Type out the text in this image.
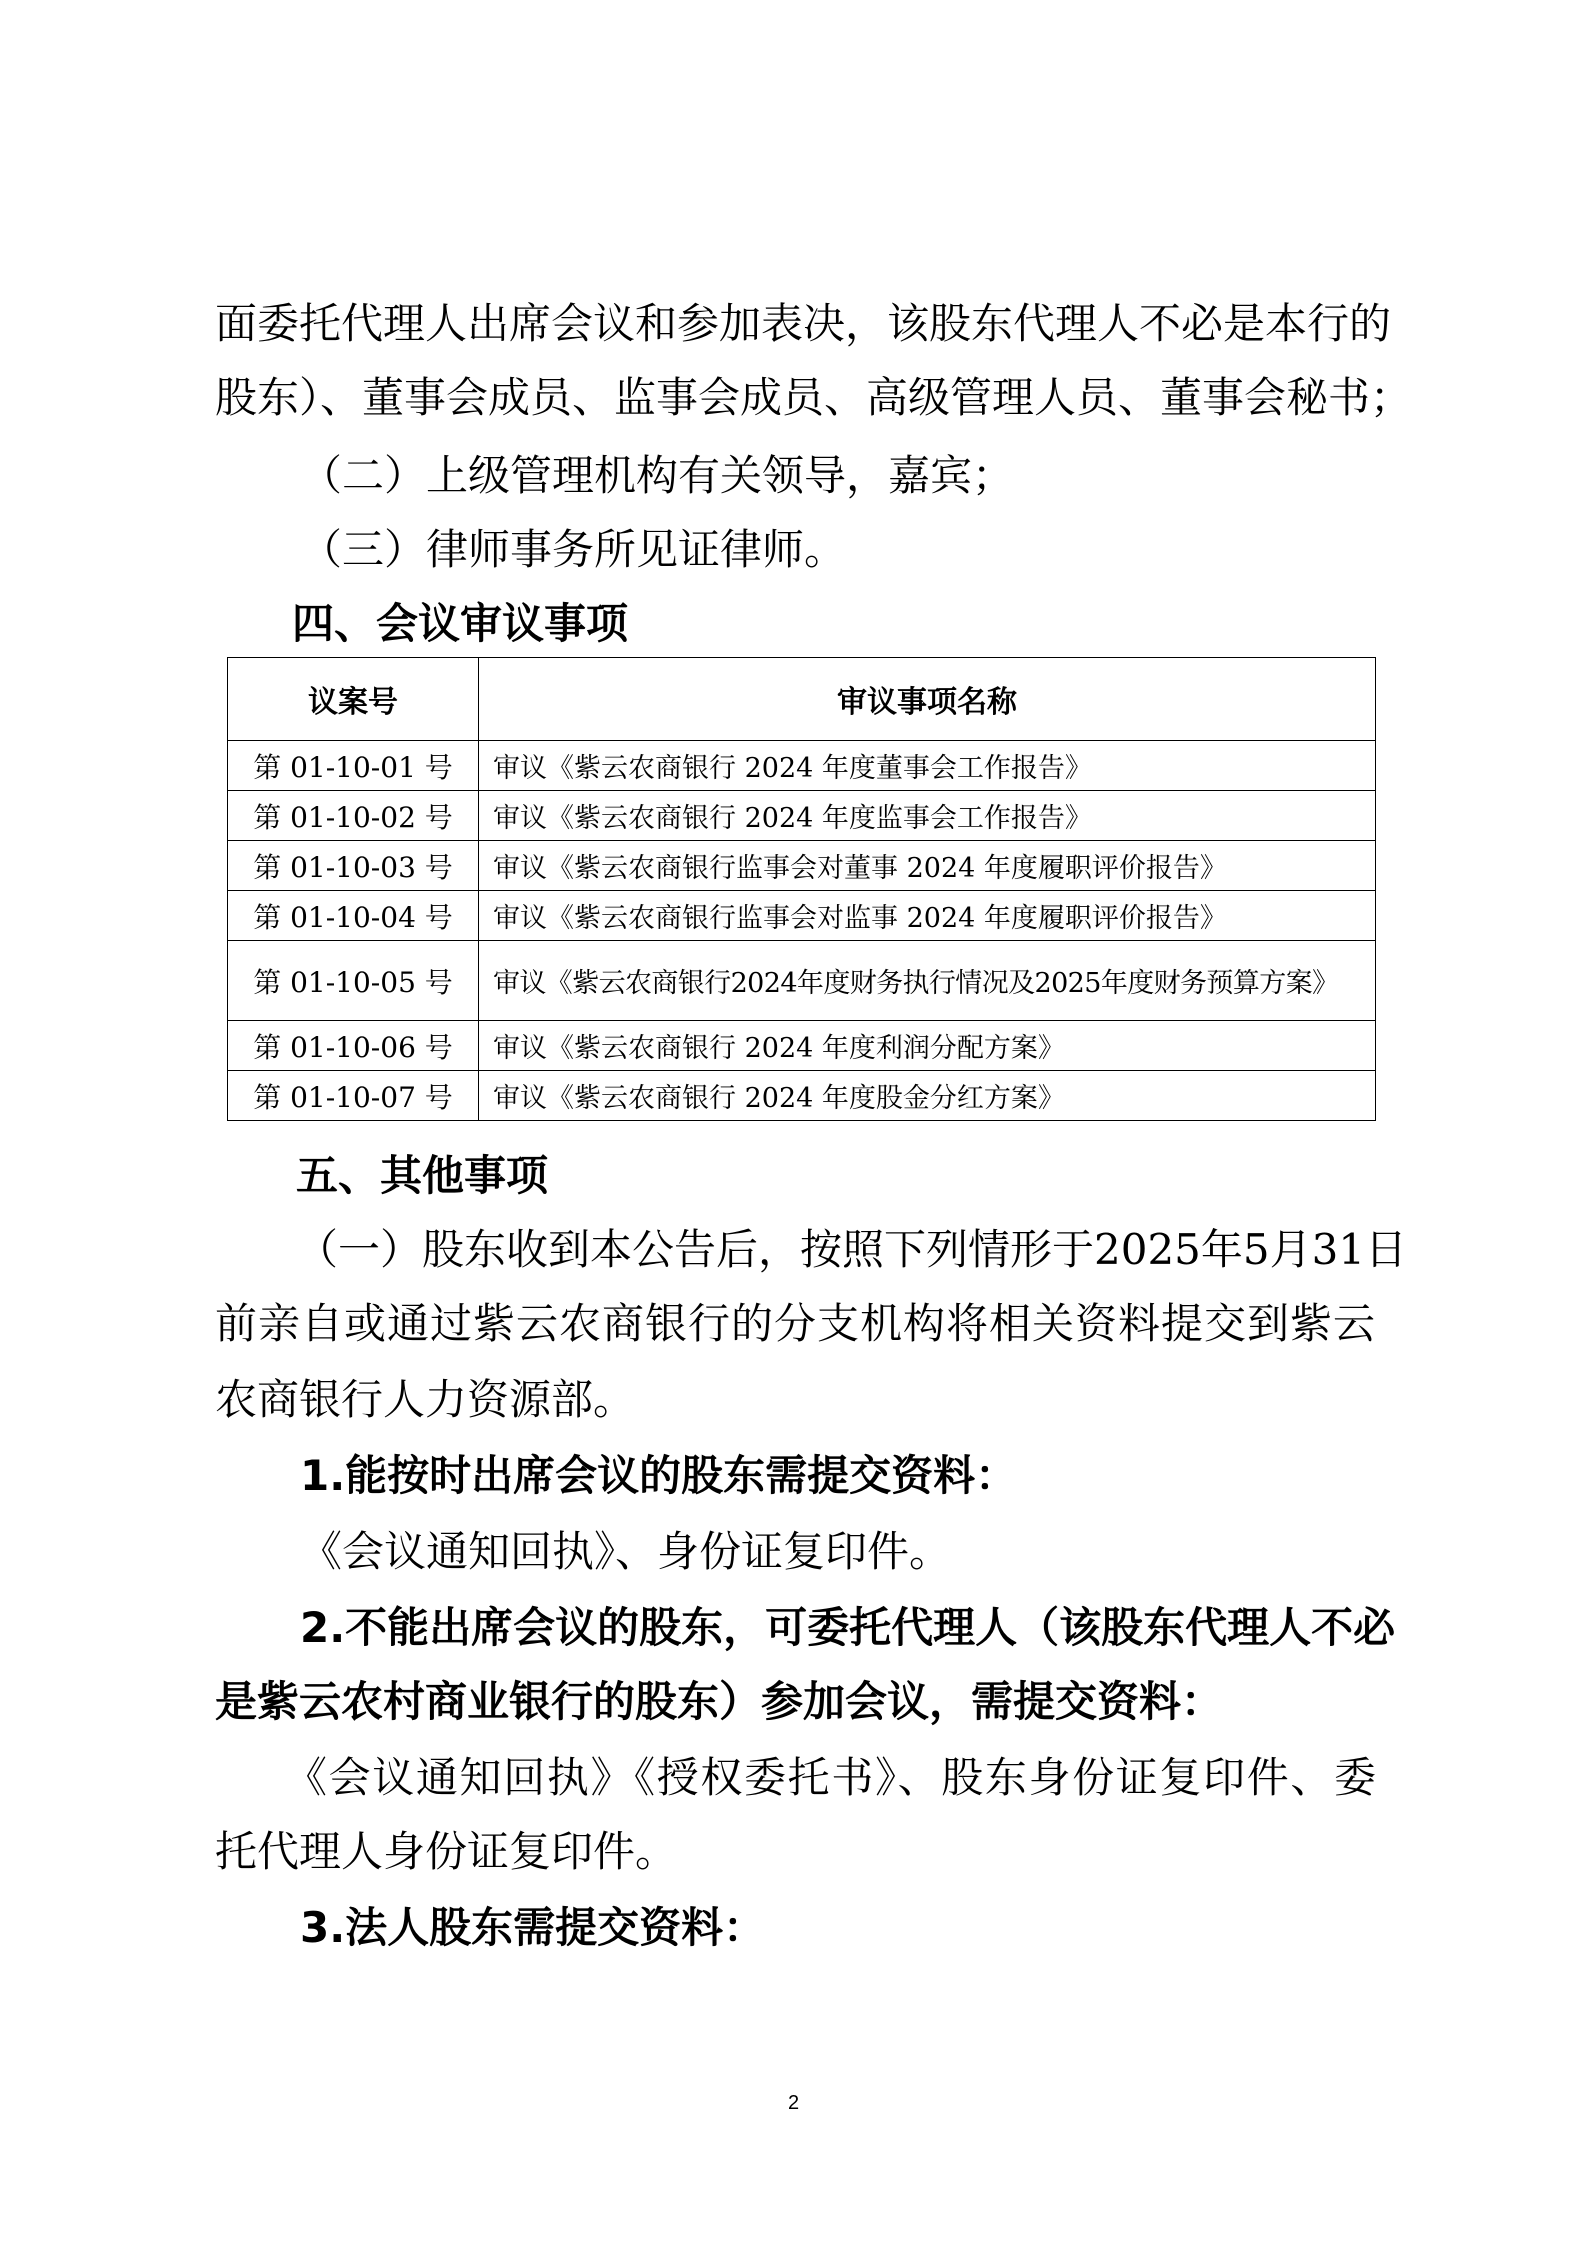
面委托代理人出席会议和参加表决，该股东代理人不必是本行的
股东）、董事会成员、监事会成员、高级管理人员、董事会秘书；
（二）上级管理机构有关领导，嘉宾；
（三）律师事务所见证律师。
四、会议审议事项
议案号	审议事项名称
第 01-10-01 号	审议《紫云农商银行 2024 年度董事会工作报告》
第 01-10-02 号	审议《紫云农商银行 2024 年度监事会工作报告》
第 01-10-03 号	审议《紫云农商银行监事会对董事 2024 年度履职评价报告》
第 01-10-04 号	审议《紫云农商银行监事会对监事 2024 年度履职评价报告》
第 01-10-05 号	审议《紫云农商银行2024年度财务执行情况及2025年度财务预算方案》
第 01-10-06 号	审议《紫云农商银行 2024 年度利润分配方案》
第 01-10-07 号	审议《紫云农商银行 2024 年度股金分红方案》
五、其他事项
（一）股东收到本公告后，按照下列情形于2025年5月31日
前亲自或通过紫云农商银行的分支机构将相关资料提交到紫云
农商银行人力资源部。
1.能按时出席会议的股东需提交资料：
《会议通知回执》、身份证复印件。
2.不能出席会议的股东，可委托代理人（该股东代理人不必
是紫云农村商业银行的股东）参加会议，需提交资料：
《会议通知回执》《授权委托书》、股东身份证复印件、委
托代理人身份证复印件。
3.法人股东需提交资料：
2
